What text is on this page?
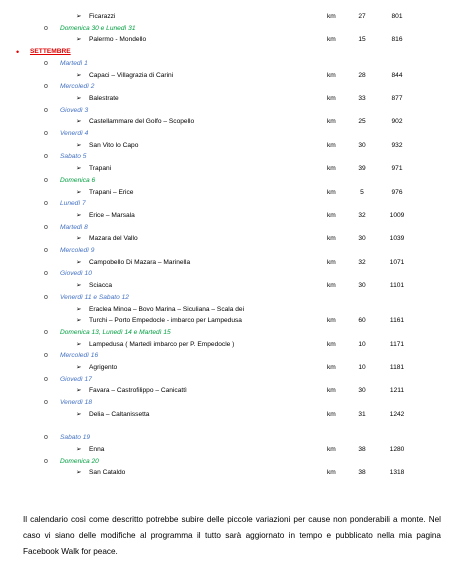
➢ Ficarazzi	km	27	801
o Domenica 30 e Lunedì 31
➢ Palermo - Mondello	km	15	816
• SETTEMBRE
o Martedì 1
➢ Capaci – Villagrazia di Carini	km	28	844
o Mercoledì 2
➢ Balestrate	km	33	877
o Giovedì 3
➢ Castellammare del Golfo – Scopello	km	25	902
o Venerdì 4
➢ San Vito lo Capo	km	30	932
o Sabato 5
➢ Trapani	km	39	971
o Domenica 6
➢ Trapani – Erice	km	5	976
o Lunedì 7
➢ Erice – Marsala	km	32	1009
o Martedì 8
➢ Mazara del Vallo	km	30	1039
o Mercoledì 9
➢ Campobello Di Mazara – Marinella	km	32	1071
o Giovedì 10
➢ Sciacca	km	30	1101
o Venerdì 11 e Sabato 12
➢ Eraclea Minoa – Bovo Marina – Siculiana – Scala dei
➢ Turchi – Porto Empedocle - imbarco per Lampedusa	km	60	1161
o Domenica 13, Lunedì 14 e Martedì 15
➢ Lampedusa ( Martedì imbarco per P. Empedocle )	km	10	1171
o Mercoledì 16
➢ Agrigento	km	10	1181
o Giovedì 17
➢ Favara – Castrofilippo – Canicattì	km	30	1211
o Venerdì 18
➢ Delia – Caltanissetta	km	31	1242
o Sabato 19
➢ Enna	km	38	1280
o Domenica 20
➢ San Cataldo	km	38	1318
Il calendario così come descritto potrebbe subire delle piccole variazioni per cause non ponderabili a monte. Nel caso vi siano delle modifiche al programma il tutto sarà aggiornato in tempo e pubblicato nella mia pagina Facebook Walk for peace.
